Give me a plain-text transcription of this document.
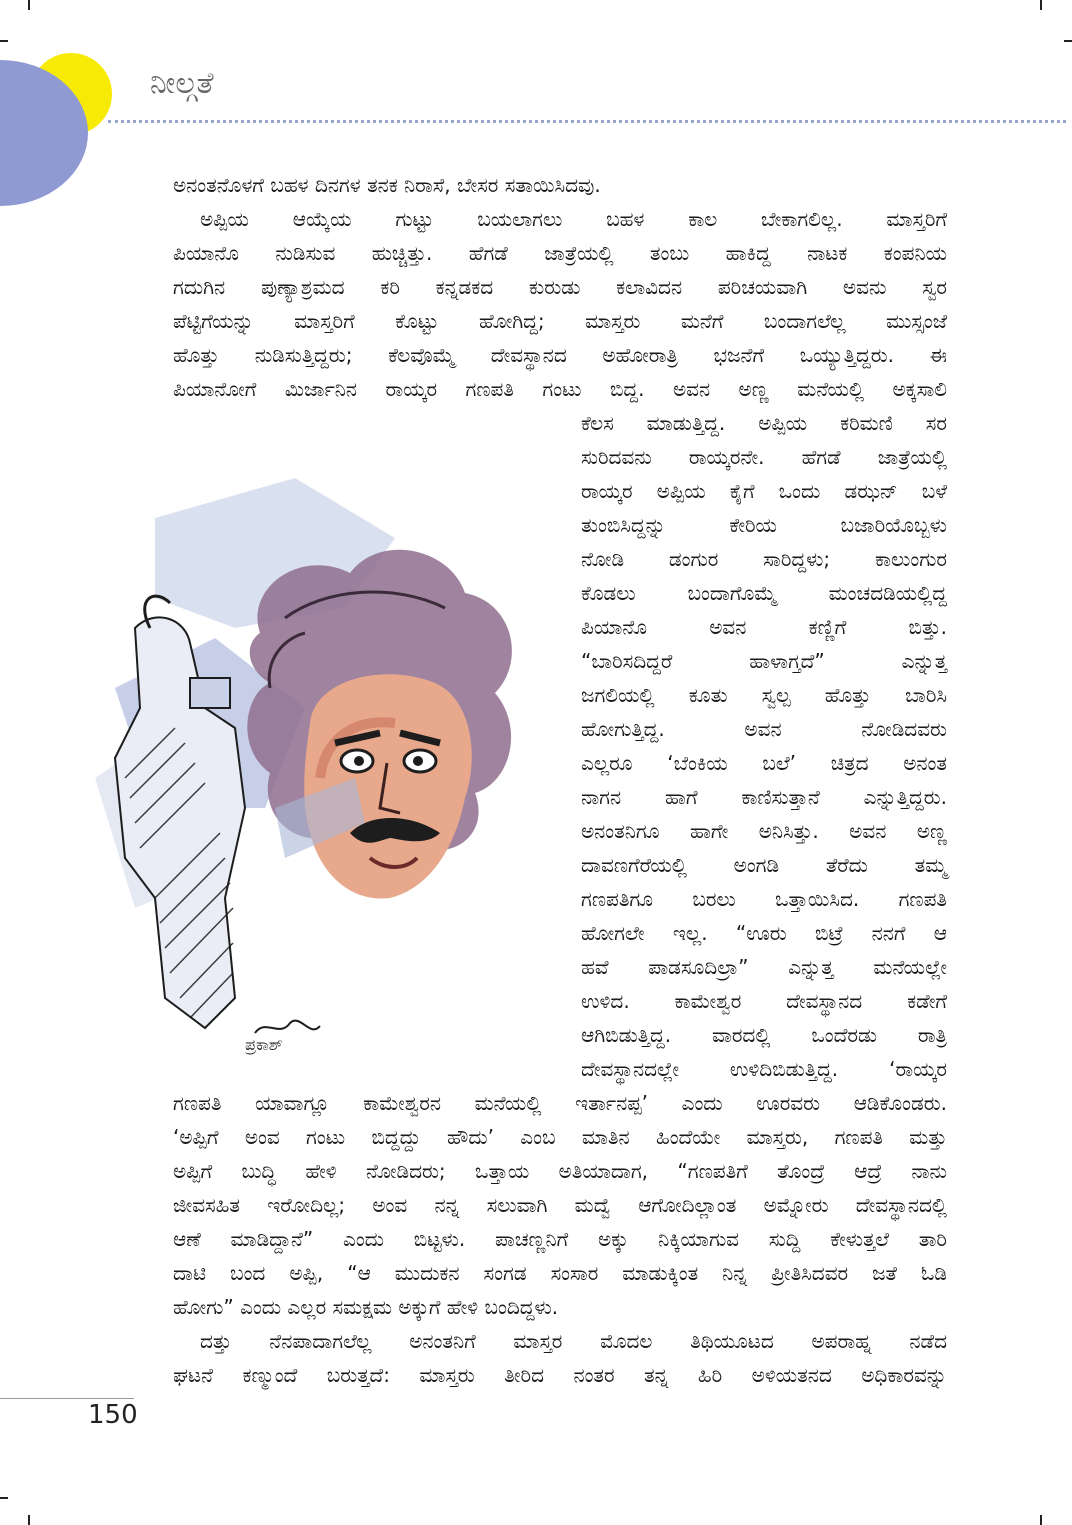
ನೀಲ್ಗತೆ
ಅನಂತನೊಳಗೆ ಬಹಳ ದಿನಗಳ ತನಕ ನಿರಾಸೆ, ಬೇಸರ ಸತಾಯಿಸಿದವು.
ಅಪ್ಪಿಯ ಆಯ್ಕೆಯ ಗುಟ್ಟು ಬಯಲಾಗಲು ಬಹಳ ಕಾಲ ಬೇಕಾಗಲಿಲ್ಲ. ಮಾಸ್ತರಿಗೆ
ಪಿಯಾನೊ ನುಡಿಸುವ ಹುಚ್ಚಿತ್ತು. ಹೆಗಡೆ ಜಾತ್ರೆಯಲ್ಲಿ ತಂಬು ಹಾಕಿದ್ದ ನಾಟಕ ಕಂಪನಿಯ
ಗದುಗಿನ ಪುಣ್ಯಾಶ್ರಮದ ಕರಿ ಕನ್ನಡಕದ ಕುರುಡು ಕಲಾವಿದನ ಪರಿಚಯವಾಗಿ ಅವನು ಸ್ವರ
ಪೆಟ್ಟಿಗೆಯನ್ನು ಮಾಸ್ತರಿಗೆ ಕೊಟ್ಟು ಹೋಗಿದ್ದ; ಮಾಸ್ತರು ಮನೆಗೆ ಬಂದಾಗಲೆಲ್ಲ ಮುಸ್ಸಂಜೆ
ಹೊತ್ತು ನುಡಿಸುತ್ತಿದ್ದರು; ಕೆಲವೊಮ್ಮೆ ದೇವಸ್ಥಾನದ ಅಹೋರಾತ್ರಿ ಭಜನೆಗೆ ಒಯ್ಯುತ್ತಿದ್ದರು. ಈ
ಪಿಯಾನೋಗೆ ಮಿರ್ಜಾನಿನ ರಾಯ್ಕರ ಗಣಪತಿ ಗಂಟು ಬಿದ್ದ. ಅವನ ಅಣ್ಣ ಮನೆಯಲ್ಲಿ ಅಕ್ಕಸಾಲಿ
ಕೆಲಸ ಮಾಡುತ್ತಿದ್ದ. ಅಪ್ಪಿಯ ಕರಿಮಣಿ ಸರ
ಸುರಿದವನು ರಾಯ್ಕರನೇ. ಹೆಗಡೆ ಜಾತ್ರೆಯಲ್ಲಿ
ರಾಯ್ಕರ ಅಪ್ಪಿಯ ಕೈಗೆ ಒಂದು ಡಝನ್ ಬಳೆ
ತುಂಬಿಸಿದ್ದನ್ನು ಕೇರಿಯ ಬಜಾರಿಯೊಬ್ಬಳು
ನೋಡಿ ಡಂಗುರ ಸಾರಿದ್ದಳು; ಕಾಲುಂಗುರ
ಕೊಡಲು ಬಂದಾಗೊಮ್ಮೆ ಮಂಚದಡಿಯಲ್ಲಿದ್ದ
ಪಿಯಾನೊ ಅವನ ಕಣ್ಣಿಗೆ ಬಿತ್ತು.
“ಬಾರಿಸದಿದ್ದರೆ ಹಾಳಾಗ್ತದೆ” ಎನ್ನುತ್ತ
ಜಗಲಿಯಲ್ಲಿ ಕೂತು ಸ್ವಲ್ಪ ಹೊತ್ತು ಬಾರಿಸಿ
ಹೋಗುತ್ತಿದ್ದ. ಅವನ ನೋಡಿದವರು
ಎಲ್ಲರೂ ‘ಬೆಂಕಿಯ ಬಲೆ’ ಚಿತ್ರದ ಅನಂತ
ನಾಗನ ಹಾಗೆ ಕಾಣಿಸುತ್ತಾನೆ ಎನ್ನುತ್ತಿದ್ದರು.
ಅನಂತನಿಗೂ ಹಾಗೇ ಅನಿಸಿತ್ತು. ಅವನ ಅಣ್ಣ
ದಾವಣಗೆರೆಯಲ್ಲಿ ಅಂಗಡಿ ತೆರೆದು ತಮ್ಮ
ಗಣಪತಿಗೂ ಬರಲು ಒತ್ತಾಯಿಸಿದ. ಗಣಪತಿ
ಹೋಗಲೇ ಇಲ್ಲ. “ಊರು ಬಿಟ್ರೆ ನನಗೆ ಆ
ಹವೆ ಪಾಡಸೂದಿಲ್ರಾ” ಎನ್ನುತ್ತ ಮನೆಯಲ್ಲೇ
ಉಳಿದ. ಕಾಮೇಶ್ವರ ದೇವಸ್ಥಾನದ ಕಡೇಗೆ
ಆಗಿಬಿಡುತ್ತಿದ್ದ. ವಾರದಲ್ಲಿ ಒಂದೆರಡು ರಾತ್ರಿ
ದೇವಸ್ಥಾನದಲ್ಲೇ ಉಳಿದಿಬಿಡುತ್ತಿದ್ದ. ‘ರಾಯ್ಕರ
ಗಣಪತಿ ಯಾವಾಗ್ಲೂ ಕಾಮೇಶ್ವರನ ಮನೆಯಲ್ಲಿ ಇರ್ತಾನಪ್ಪ’ ಎಂದು ಊರವರು ಆಡಿಕೊಂಡರು.
‘ಅಪ್ಪಿಗೆ ಅಂವ ಗಂಟು ಬಿದ್ದದ್ದು ಹೌದು’ ಎಂಬ ಮಾತಿನ ಹಿಂದೆಯೇ ಮಾಸ್ತರು, ಗಣಪತಿ ಮತ್ತು
ಅಪ್ಪಿಗೆ ಬುದ್ಧಿ ಹೇಳಿ ನೋಡಿದರು; ಒತ್ತಾಯ ಅತಿಯಾದಾಗ, “ಗಣಪತಿಗೆ ತೊಂದ್ರೆ ಆದ್ರೆ ನಾನು
ಜೀವಸಹಿತ ಇರೋದಿಲ್ಲ; ಅಂವ ನನ್ನ ಸಲುವಾಗಿ ಮದ್ವೆ ಆಗೋದಿಲ್ಲಾಂತ ಅಮ್ನೋರು ದೇವಸ್ಥಾನದಲ್ಲಿ
ಆಣೆ ಮಾಡಿದ್ದಾನೆ” ಎಂದು ಬಿಟ್ಟಳು. ಪಾಚಣ್ಣನಿಗೆ ಅಕ್ಕು ನಿಕ್ಕಿಯಾಗುವ ಸುದ್ದಿ ಕೇಳುತ್ತಲೆ ತಾರಿ
ದಾಟಿ ಬಂದ ಅಪ್ಪಿ, “ಆ ಮುದುಕನ ಸಂಗಡ ಸಂಸಾರ ಮಾಡುಕ್ಕಿಂತ ನಿನ್ನ ಪ್ರೀತಿಸಿದವರ ಜತೆ ಓಡಿ
ಹೋಗು” ಎಂದು ಎಲ್ಲರ ಸಮಕ್ಷಮ ಅಕ್ಕುಗೆ ಹೇಳಿ ಬಂದಿದ್ದಳು.
ದತ್ತು ನೆನಪಾದಾಗಲೆಲ್ಲ ಅನಂತನಿಗೆ ಮಾಸ್ತರ ಮೊದಲ ತಿಥಿಯೂಟದ ಅಪರಾಹ್ನ ನಡೆದ
ಘಟನೆ ಕಣ್ಮುಂದೆ ಬರುತ್ತದೆ: ಮಾಸ್ತರು ತೀರಿದ ನಂತರ ತನ್ನ ಹಿರಿ ಅಳಿಯತನದ ಅಧಿಕಾರವನ್ನು
ಪ್ರಕಾಶ್
150
